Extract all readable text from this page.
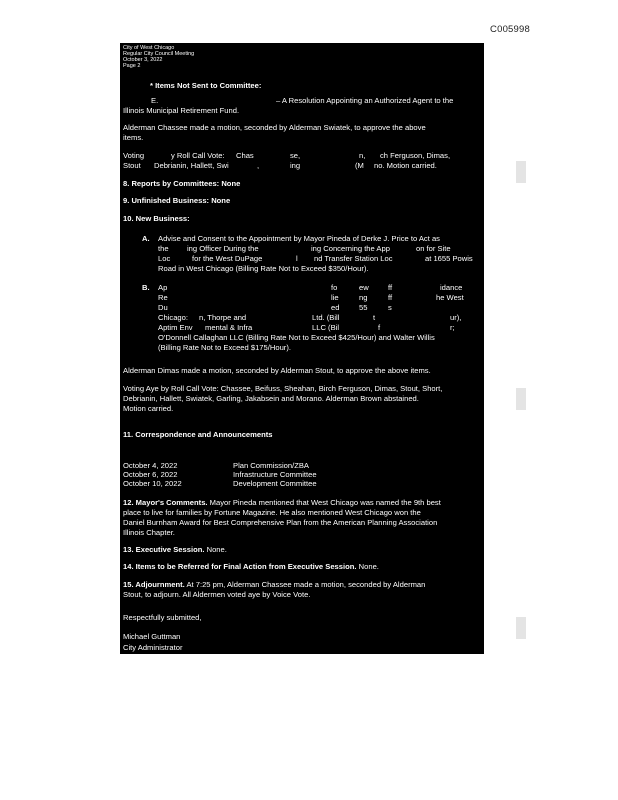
C005998
City of West Chicago
Regular City Council Meeting
October 3, 2022
Page 2
* Items Not Sent to Committee:
E.	– A Resolution Appointing an Authorized Agent to the
Illinois Municipal Retirement Fund.
Alderman Chassee made a motion, seconded by Alderman Swiatek, to approve the above
items.
Voting	y Roll Call Vote: Chas	se,	n, ch Ferguson, Dimas,
Stout Debrianin, Hallett, Swi	,	ing	(M no. Motion carried.
8. Reports by Committees: None
9. Unfinished Business: None
10. New Business:
A. Advise and Consent to the Appointment by Mayor Pineda of Derke J. Price to Act as
the ing Officer During the	ing Concerning the App	on for Site
Loc	for the West DuPage	l nd Transfer Station Loc	at 1655 Powis
Road in West Chicago (Billing Rate Not to Exceed $350/Hour).
B. Ap	fo	ew	ff	idance
Re	lie	ng	ff	he West
Du	ed	55	s
Chicago: n, Thorpe and	Ltd. (Bill	t	ur),
Aptim Env mental & Infra	LLC (Bil	f	r;
O'Donnell Callaghan LLC (Billing Rate Not to Exceed $425/Hour) and Walter Willis
(Billing Rate Not to Exceed $175/Hour).
Alderman Dimas made a motion, seconded by Alderman Stout, to approve the above items.
Voting Aye by Roll Call Vote: Chassee, Beifuss, Sheahan, Birch Ferguson, Dimas, Stout, Short,
Debrianin, Hallett, Swiatek, Garling, Jakabsein and Morano. Alderman Brown abstained.
Motion carried.
11. Correspondence and Announcements
October 4, 2022	Plan Commission/ZBA
October 6, 2022	Infrastructure Committee
October 10, 2022	Development Committee
12. Mayor's Comments. Mayor Pineda mentioned that West Chicago was named the 9th best
place to live for families by Fortune Magazine. He also mentioned West Chicago won the
Daniel Burnham Award for Best Comprehensive Plan from the American Planning Association
Illinois Chapter.
13. Executive Session. None.
14. Items to be Referred for Final Action from Executive Session. None.
15. Adjournment. At 7:25 pm, Alderman Chassee made a motion, seconded by Alderman
Stout, to adjourn. All Aldermen voted aye by Voice Vote.
Respectfully submitted,
Michael Guttman
City Administrator
